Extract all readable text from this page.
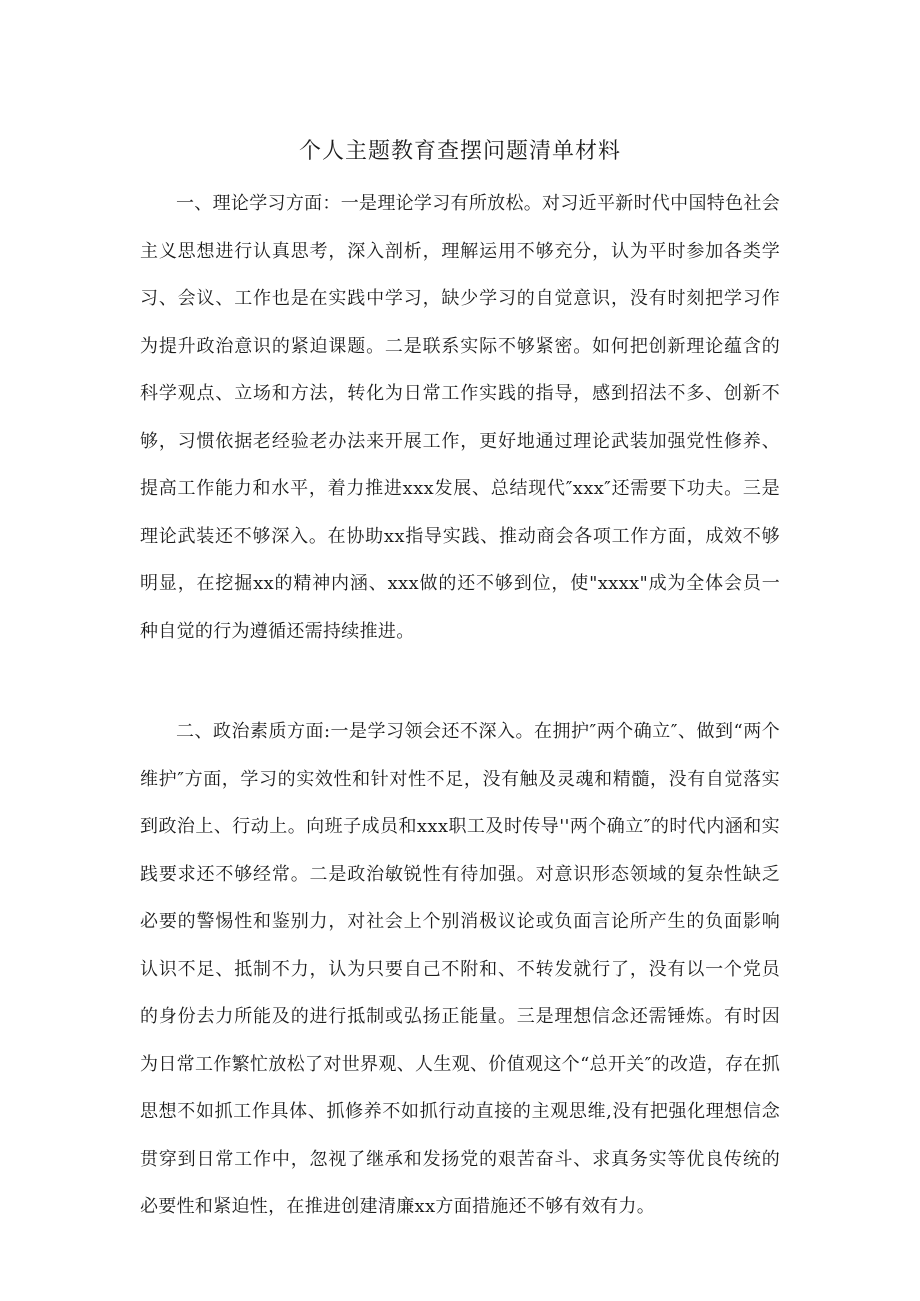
个人主题教育查摆问题清单材料

一、理论学习方面：一是理论学习有所放松。对习近平新时代中国特色社会主义思想进行认真思考，深入剖析，理解运用不够充分，认为平时参加各类学习、会议、工作也是在实践中学习，缺少学习的自觉意识，没有时刻把学习作为提升政治意识的紧迫课题。二是联系实际不够紧密。如何把创新理论蕴含的科学观点、立场和方法，转化为日常工作实践的指导，感到招法不多、创新不够，习惯依据老经验老办法来开展工作，更好地通过理论武装加强党性修养、提高工作能力和水平，着力推进xxx发展、总结现代″xxx″还需要下功夫。三是理论武装还不够深入。在协助xx指导实践、推动商会各项工作方面，成效不够明显，在挖掘xx的精神内涵、xxx做的还不够到位，使"xxxx"成为全体会员一种自觉的行为遵循还需持续推进。

二、政治素质方面:一是学习领会还不深入。在拥护″两个确立″、做到“两个维护″方面，学习的实效性和针对性不足，没有触及灵魂和精髓，没有自觉落实到政治上、行动上。向班子成员和xxx职工及时传导''两个确立″的时代内涵和实践要求还不够经常。二是政治敏锐性有待加强。对意识形态领域的复杂性缺乏必要的警惕性和鉴别力，对社会上个别消极议论或负面言论所产生的负面影响认识不足、抵制不力，认为只要自己不附和、不转发就行了，没有以一个党员的身份去力所能及的进行抵制或弘扬正能量。三是理想信念还需锤炼。有时因为日常工作繁忙放松了对世界观、人生观、价值观这个“总开关″的改造，存在抓思想不如抓工作具体、抓修养不如抓行动直接的主观思维,没有把强化理想信念贯穿到日常工作中，忽视了继承和发扬党的艰苦奋斗、求真务实等优良传统的必要性和紧迫性，在推进创建清廉xx方面措施还不够有效有力。
